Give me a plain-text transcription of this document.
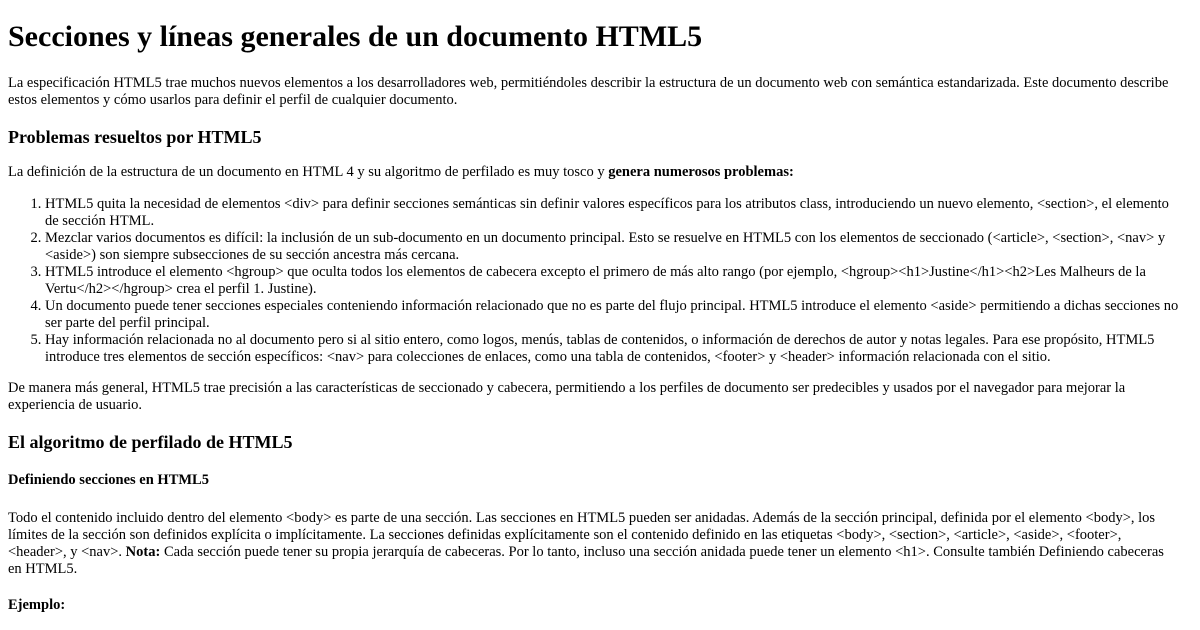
Secciones y líneas generales de un documento HTML5

La especificación HTML5 trae muchos nuevos elementos a los desarrolladores web, permitiéndoles describir la estructura de un documento web con semántica estandarizada. Este documento describe estos elementos y cómo usarlos para definir el perfil de cualquier documento.

Problemas resueltos por HTML5

La definición de la estructura de un documento en HTML 4 y su algoritmo de perfilado es muy tosco y genera numerosos problemas:

1. HTML5 quita la necesidad de elementos <div> para definir secciones semánticas sin definir valores específicos para los atributos class, introduciendo un nuevo elemento, <section>, el elemento de sección HTML.
2. Mezclar varios documentos es difícil: la inclusión de un sub-documento en un documento principal. Esto se resuelve en HTML5 con los elementos de seccionado (<article>, <section>, <nav> y <aside>) son siempre subsecciones de su sección ancestra más cercana.
3. HTML5 introduce el elemento <hgroup> que oculta todos los elementos de cabecera excepto el primero de más alto rango (por ejemplo, <hgroup><h1>Justine</h1><h2>Les Malheurs de la Vertu</h2></hgroup> crea el perfil 1. Justine).
4. Un documento puede tener secciones especiales conteniendo información relacionado que no es parte del flujo principal. HTML5 introduce el elemento <aside> permitiendo a dichas secciones no ser parte del perfil principal.
5. Hay información relacionada no al documento pero si al sitio entero, como logos, menús, tablas de contenidos, o información de derechos de autor y notas legales. Para ese propósito, HTML5 introduce tres elementos de sección específicos: <nav> para colecciones de enlaces, como una tabla de contenidos, <footer> y <header> información relacionada con el sitio.

De manera más general, HTML5 trae precisión a las características de seccionado y cabecera, permitiendo a los perfiles de documento ser predecibles y usados por el navegador para mejorar la experiencia de usuario.

El algoritmo de perfilado de HTML5
Definiendo secciones en HTML5

Todo el contenido incluido dentro del elemento <body> es parte de una sección. Las secciones en HTML5 pueden ser anidadas. Además de la sección principal, definida por el elemento <body>, los límites de la sección son definidos explícita o implícitamente. La secciones definidas explícitamente son el contenido definido en las etiquetas <body>, <section>, <article>, <aside>, <footer>, <header>, y <nav>. Nota: Cada sección puede tener su propia jerarquía de cabeceras. Por lo tanto, incluso una sección anidada puede tener un elemento <h1>. Consulte también Definiendo cabeceras en HTML5.

Ejemplo:
